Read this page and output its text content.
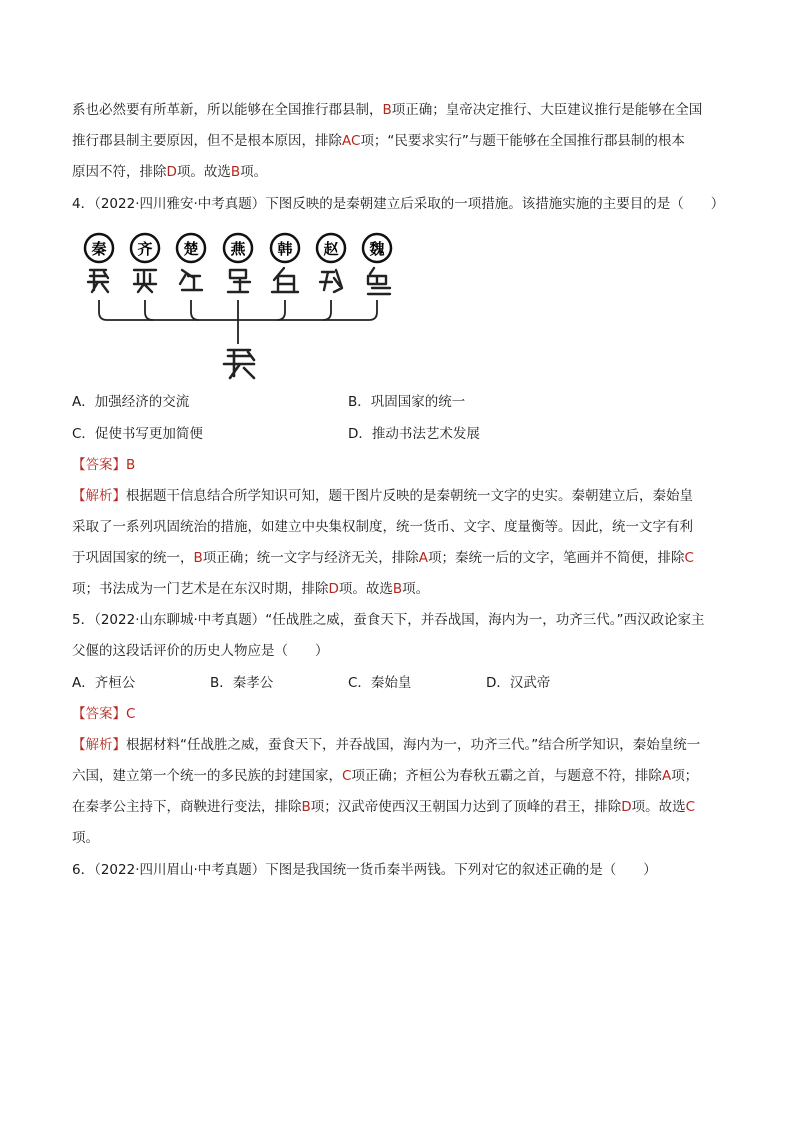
系也必然要有所革新，所以能够在全国推行郡县制，B项正确；皇帝决定推行、大臣建议推行是能够在全国
推行郡县制主要原因，但不是根本原因，排除AC项；“民要求实行”与题干能够在全国推行郡县制的根本
原因不符，排除D项。故选B项。
4．（2022·四川雅安·中考真题）下图反映的是秦朝建立后采取的一项措施。该措施实施的主要目的是（　　）
秦 齐 楚 燕 韩 赵 魏
A．加强经济的交流	B．巩固国家的统一
C．促使书写更加简便	D．推动书法艺术发展
【答案】B
【解析】根据题干信息结合所学知识可知，题干图片反映的是秦朝统一文字的史实。秦朝建立后，秦始皇
采取了一系列巩固统治的措施，如建立中央集权制度，统一货币、文字、度量衡等。因此，统一文字有利
于巩固国家的统一，B项正确；统一文字与经济无关，排除A项；秦统一后的文字，笔画并不简便，排除C
项；书法成为一门艺术是在东汉时期，排除D项。故选B项。
5．（2022·山东聊城·中考真题）“任战胜之威，蚕食天下，并吞战国，海内为一，功齐三代。”西汉政论家主
父偃的这段话评价的历史人物应是（　　）
A．齐桓公	B．秦孝公	C．秦始皇	D．汉武帝
【答案】C
【解析】根据材料“任战胜之威，蚕食天下，并吞战国，海内为一，功齐三代。”结合所学知识，秦始皇统一
六国，建立第一个统一的多民族的封建国家，C项正确；齐桓公为春秋五霸之首，与题意不符，排除A项；
在秦孝公主持下，商鞅进行变法，排除B项；汉武帝使西汉王朝国力达到了顶峰的君王，排除D项。故选C
项。
6．（2022·四川眉山·中考真题）下图是我国统一货币秦半两钱。下列对它的叙述正确的是（　　）
